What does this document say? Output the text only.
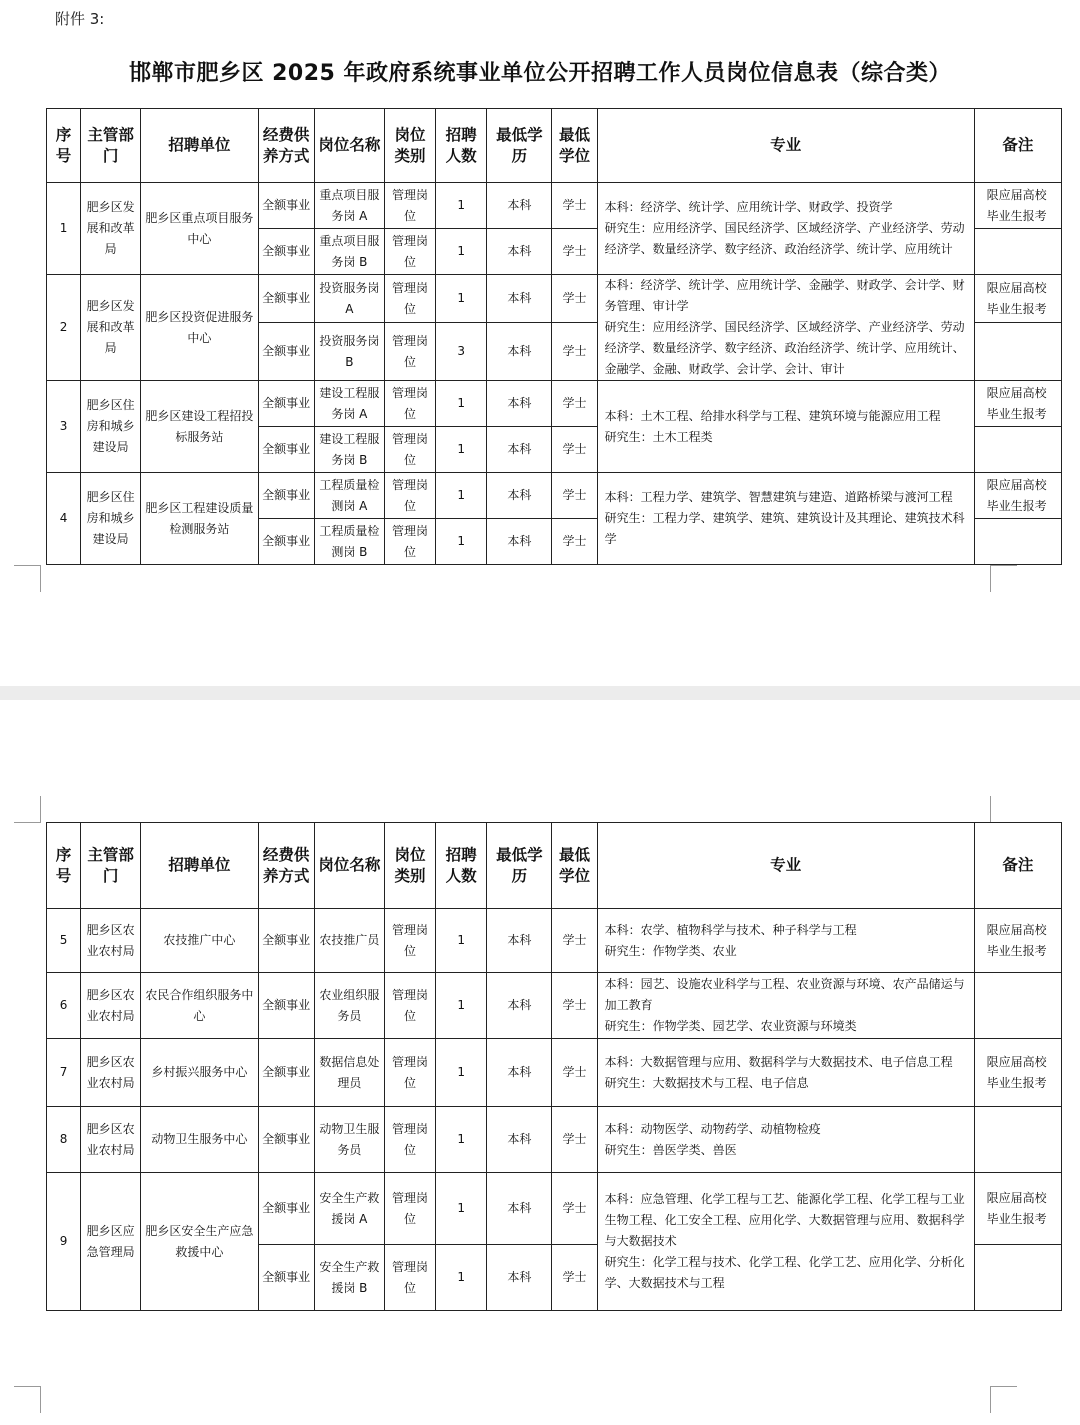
附件 3:
邯郸市肥乡区 2025 年政府系统事业单位公开招聘工作人员岗位信息表（综合类）
序号	主管部门	招聘单位	经费供养方式	岗位名称	岗位类别	招聘人数	最低学历	最低学位	专业	备注
1	肥乡区发展和改革局	肥乡区重点项目服务中心	全额事业	重点项目服务岗 A	管理岗位	1	本科	学士	本科：经济学、统计学、应用统计学、财政学、投资学
研究生：应用经济学、国民经济学、区域经济学、产业经济学、劳动经济学、数量经济学、数字经济、政治经济学、统计学、应用统计	限应届高校毕业生报考
			全额事业	重点项目服务岗 B	管理岗位	1	本科	学士		
2	肥乡区发展和改革局	肥乡区投资促进服务中心	全额事业	投资服务岗 A	管理岗位	1	本科	学士	本科：经济学、统计学、应用统计学、金融学、财政学、会计学、财务管理、审计学
研究生：应用经济学、国民经济学、区域经济学、产业经济学、劳动经济学、数量经济学、数字经济、政治经济学、统计学、应用统计、金融学、金融、财政学、会计学、会计、审计	限应届高校毕业生报考
			全额事业	投资服务岗 B	管理岗位	3	本科	学士		
3	肥乡区住房和城乡建设局	肥乡区建设工程招投标服务站	全额事业	建设工程服务岗 A	管理岗位	1	本科	学士	本科：土木工程、给排水科学与工程、建筑环境与能源应用工程
研究生：土木工程类	限应届高校毕业生报考
			全额事业	建设工程服务岗 B	管理岗位	1	本科	学士		
4	肥乡区住房和城乡建设局	肥乡区工程建设质量检测服务站	全额事业	工程质量检测岗 A	管理岗位	1	本科	学士	本科：工程力学、建筑学、智慧建筑与建造、道路桥梁与渡河工程
研究生：工程力学、建筑学、建筑、建筑设计及其理论、建筑技术科学	限应届高校毕业生报考
			全额事业	工程质量检测岗 B	管理岗位	1	本科	学士		
序号	主管部门	招聘单位	经费供养方式	岗位名称	岗位类别	招聘人数	最低学历	最低学位	专业	备注
5	肥乡区农业农村局	农技推广中心	全额事业	农技推广员	管理岗位	1	本科	学士	本科：农学、植物科学与技术、种子科学与工程
研究生：作物学类、农业	限应届高校毕业生报考
6	肥乡区农业农村局	农民合作组织服务中心	全额事业	农业组织服务员	管理岗位	1	本科	学士	本科：园艺、设施农业科学与工程、农业资源与环境、农产品储运与加工教育
研究生：作物学类、园艺学、农业资源与环境类	

7	肥乡区农业农村局	乡村振兴服务中心	全额事业	数据信息处理员	管理岗位	1	本科	学士	本科：大数据管理与应用、数据科学与大数据技术、电子信息工程
研究生：大数据技术与工程、电子信息	限应届高校毕业生报考
8	肥乡区农业农村局	动物卫生服务中心	全额事业	动物卫生服务员	管理岗位	1	本科	学士	本科：动物医学、动物药学、动植物检疫
研究生：兽医学类、兽医	

9	肥乡区应急管理局	肥乡区安全生产应急救援中心	全额事业	安全生产救援岗 A	管理岗位	1	本科	学士	本科：应急管理、化学工程与工艺、能源化学工程、化学工程与工业生物工程、化工安全工程、应用化学、大数据管理与应用、数据科学与大数据技术
研究生：化学工程与技术、化学工程、化学工艺、应用化学、分析化学、大数据技术与工程	限应届高校毕业生报考
			全额事业	安全生产救援岗 B	管理岗位	1	本科	学士		
